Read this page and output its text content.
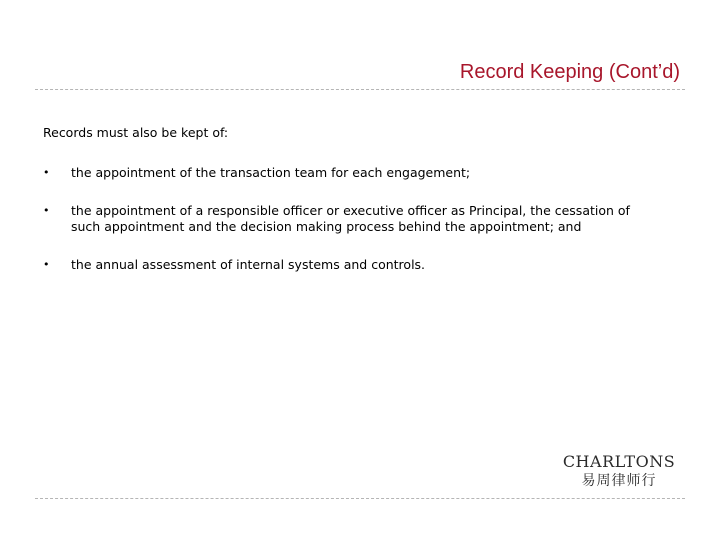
Record Keeping (Cont’d)

Records must also be kept of:

• the appointment of the transaction team for each engagement;
• the appointment of a responsible officer or executive officer as Principal, the cessation of such appointment and the decision making process behind the appointment; and
• the annual assessment of internal systems and controls.
CHARLTONS
易周律师行
